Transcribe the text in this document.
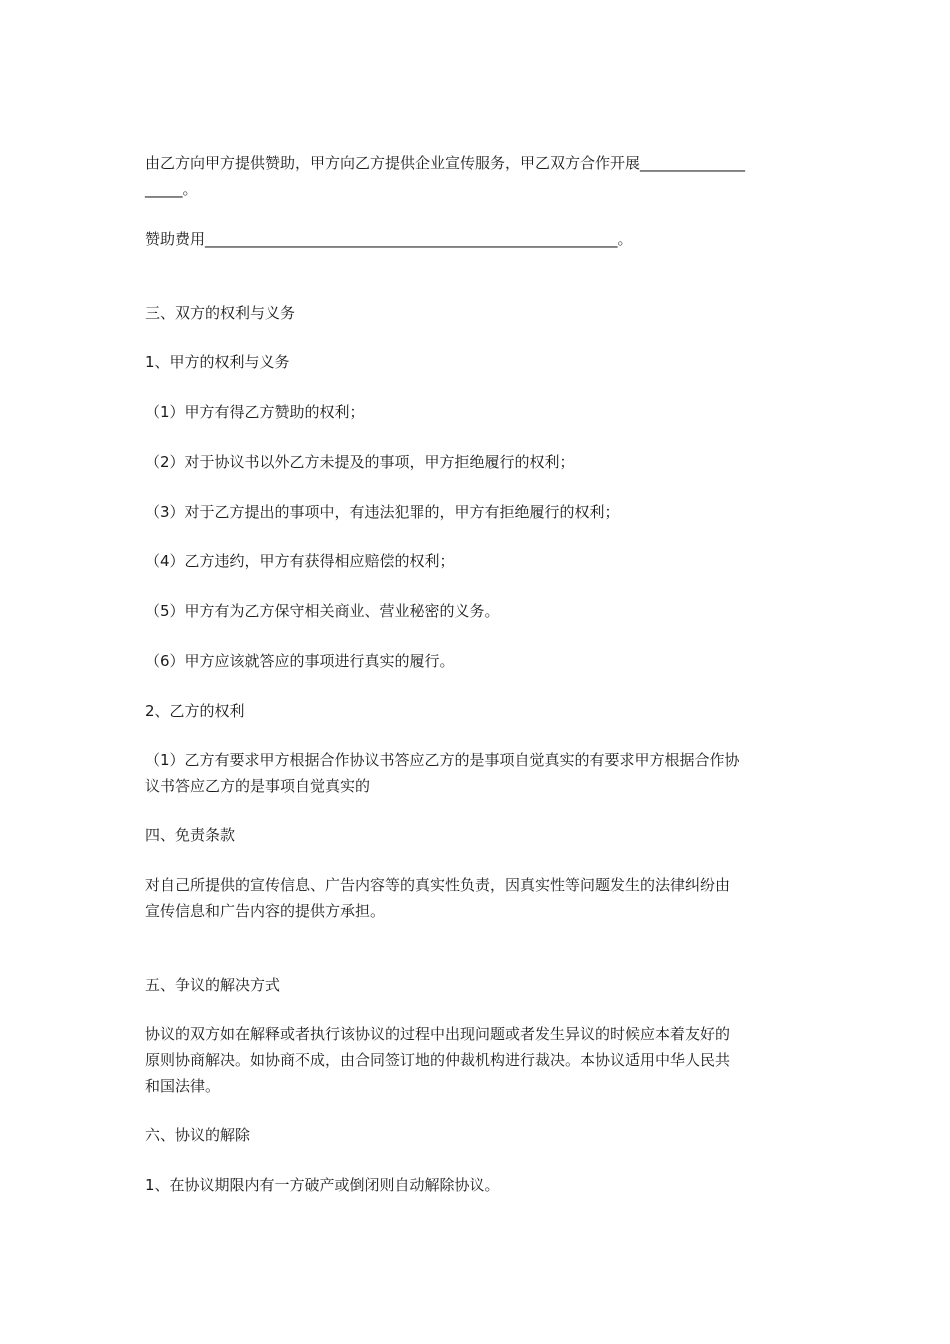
由乙方向甲方提供赞助，甲方向乙方提供企业宣传服务，甲乙双方合作开展______________
_____。
赞助费用_______________________________________________________。
三、双方的权利与义务
1、甲方的权利与义务
（1）甲方有得乙方赞助的权利；
（2）对于协议书以外乙方未提及的事项，甲方拒绝履行的权利；
（3）对于乙方提出的事项中，有违法犯罪的，甲方有拒绝履行的权利；
（4）乙方违约，甲方有获得相应赔偿的权利；
（5）甲方有为乙方保守相关商业、营业秘密的义务。
（6）甲方应该就答应的事项进行真实的履行。
2、乙方的权利
（1）乙方有要求甲方根据合作协议书答应乙方的是事项自觉真实的有要求甲方根据合作协
议书答应乙方的是事项自觉真实的
四、免责条款
对自己所提供的宣传信息、广告内容等的真实性负责，因真实性等问题发生的法律纠纷由
宣传信息和广告内容的提供方承担。
五、争议的解决方式
协议的双方如在解释或者执行该协议的过程中出现问题或者发生异议的时候应本着友好的
原则协商解决。如协商不成，由合同签订地的仲裁机构进行裁决。本协议适用中华人民共
和国法律。
六、协议的解除
1、在协议期限内有一方破产或倒闭则自动解除协议。
